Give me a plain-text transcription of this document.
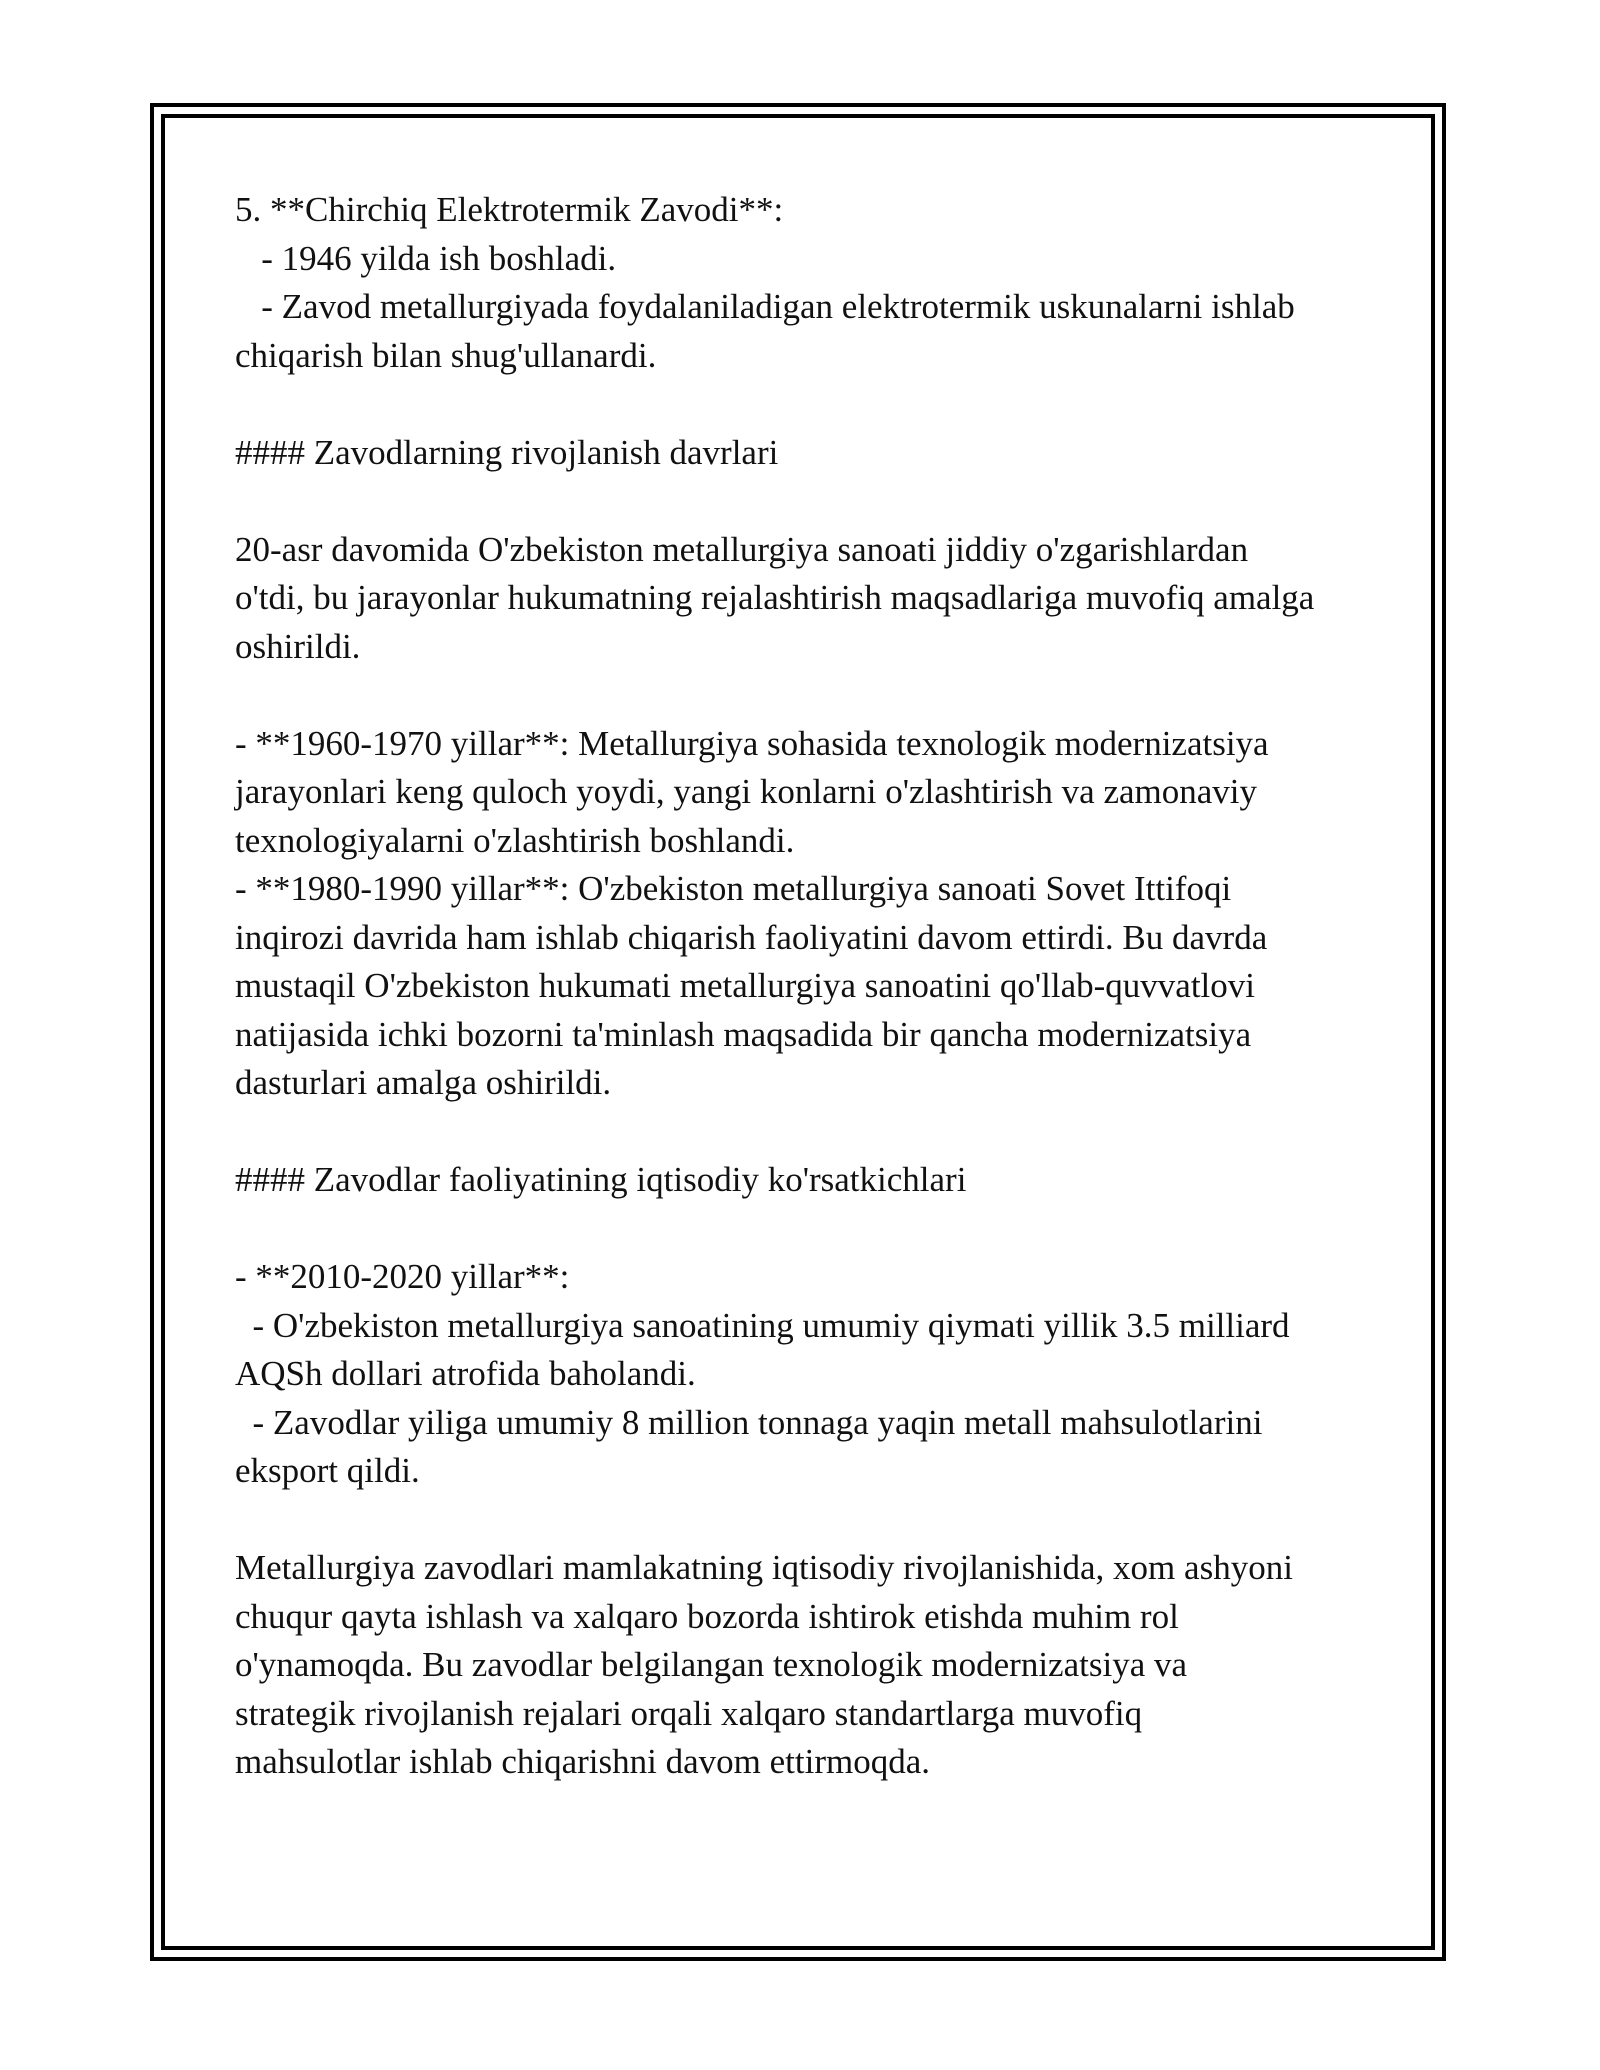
5. **Chirchiq Elektrotermik Zavodi**:
- 1946 yilda ish boshladi.
- Zavod metallurgiyada foydalaniladigan elektrotermik uskunalarni ishlab
chiqarish bilan shug'ullanardi.
#### Zavodlarning rivojlanish davrlari
20-asr davomida O'zbekiston metallurgiya sanoati jiddiy o'zgarishlardan
o'tdi, bu jarayonlar hukumatning rejalashtirish maqsadlariga muvofiq amalga
oshirildi.
- **1960-1970 yillar**: Metallurgiya sohasida texnologik modernizatsiya
jarayonlari keng quloch yoydi, yangi konlarni o'zlashtirish va zamonaviy
texnologiyalarni o'zlashtirish boshlandi.
- **1980-1990 yillar**: O'zbekiston metallurgiya sanoati Sovet Ittifoqi
inqirozi davrida ham ishlab chiqarish faoliyatini davom ettirdi. Bu davrda
mustaqil O'zbekiston hukumati metallurgiya sanoatini qo'llab-quvvatlovi
natijasida ichki bozorni ta'minlash maqsadida bir qancha modernizatsiya
dasturlari amalga oshirildi.
#### Zavodlar faoliyatining iqtisodiy ko'rsatkichlari
- **2010-2020 yillar**:
- O'zbekiston metallurgiya sanoatining umumiy qiymati yillik 3.5 milliard
AQSh dollari atrofida baholandi.
- Zavodlar yiliga umumiy 8 million tonnaga yaqin metall mahsulotlarini
eksport qildi.
Metallurgiya zavodlari mamlakatning iqtisodiy rivojlanishida, xom ashyoni
chuqur qayta ishlash va xalqaro bozorda ishtirok etishda muhim rol
o'ynamoqda. Bu zavodlar belgilangan texnologik modernizatsiya va
strategik rivojlanish rejalari orqali xalqaro standartlarga muvofiq
mahsulotlar ishlab chiqarishni davom ettirmoqda.
